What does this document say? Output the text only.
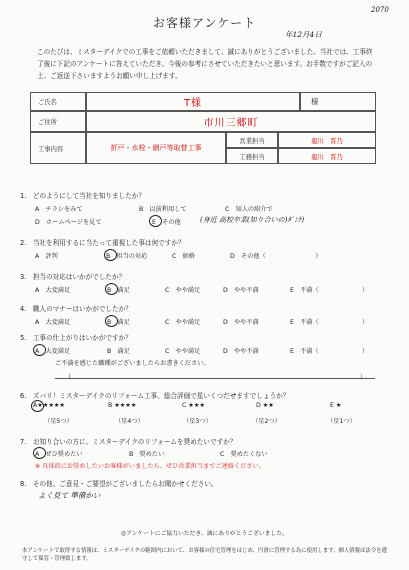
2070
年12月4日
お客様アンケート
このたびは、ミスターデイクでの工事をご依頼いただきまして、誠にありがとうございました。当社では、工事終了後に下記のアンケートに答えていただき、今後の参考にさせていただきたいと思います。お手数ですがご記入の上、ご返送下さいますようお願い申し上げます。
ご氏名	T様	様
ご住所	市川三郷町
工事内容	折戸・水栓・網戸等取替工事
営業担当	龍川　晋乃
工務担当	龍川　晋乃
1.　どのようにして当社を知りましたか？
A　チラシをみて	B　以前利用して	C　知人の紹介で
D　ホームページを見て	E　その他	(身近 高校卒業(知り合いの)ﾀﾞﾝﾅ)
2.　当社を利用するに当たって重視した事は何ですか？
A　評判	B　担当の対応	C　価格	D　その他（　　　　　　　　）
3.　担当の対応はいかがでしたか？
A　大変満足	B　満足	C　やや満足	D　やや不満	E　不満（　　　　　　　）
4.　職人のマナーはいかがでしたか？
A　大変満足	B　満足	C　やや満足	D　やや不満	E　不満（　　　　　　　）
5.　工事の仕上がりはいかがですか？
A　大変満足	B　満足	C　やや満足	D　やや不満	E　不満（　　　　　　　）
ご不満を感じた職種がございましたらお書きください。
（	）
6.　ズバリ！ミスターデイクのリフォーム工事、総合評価で星いくつだせますでしょうか？
A★★★★★	B ★★★★	C ★★★	D ★★	E ★
（星5つ）	（星4つ）	（星3つ）	（星2つ）	（星1つ）
7.　お知り合いの方に、ミスターデイクのリフォームを奨めたいですか？
A　ぜひ奨めたい	B　奨めたい	C　奨めたくない
※ 具体的にお奨めしたいお客様がいましたら、ぜひ営業担当までご連絡ください。
8.　その他、ご意見・ご要望がございましたらお聞かせください。
よく見て 準備かい
◎アンケートにご協力いただき、誠にありがとうございました。
本アンケートで取得する情報は、ミスターデイクの範囲内において、お客様の住宅管理をはじめ、円滑に管理する為に使用します。個人情報は法令を遵守して保管・管理致します。
